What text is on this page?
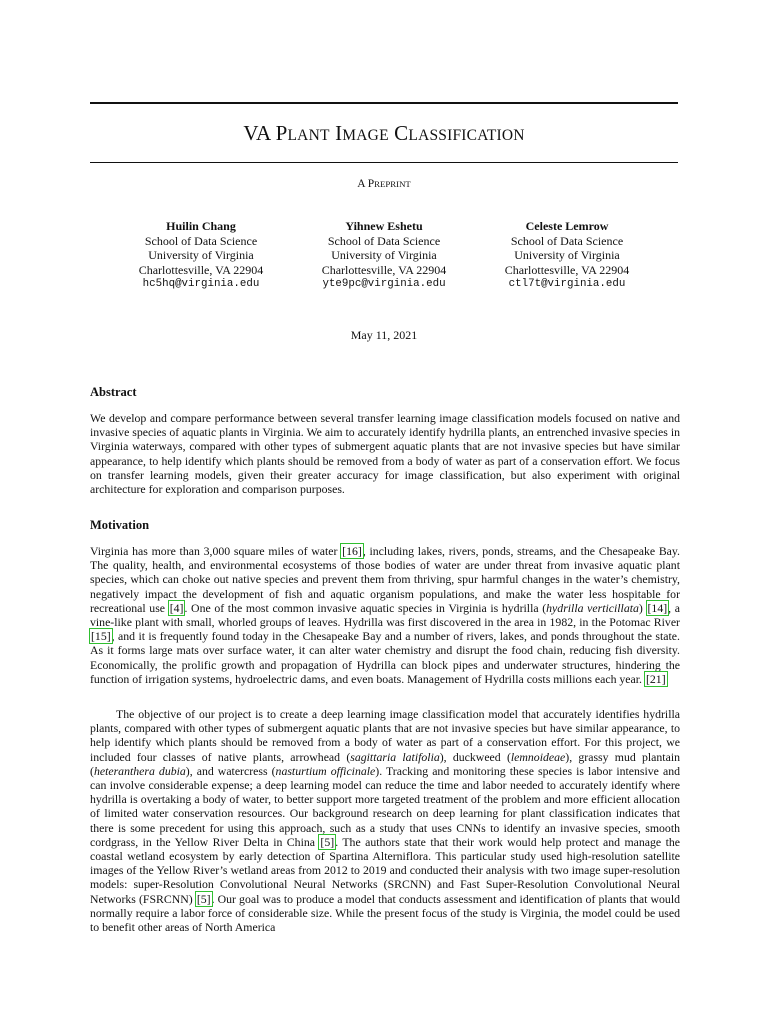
VA PLANT IMAGE CLASSIFICATION
A PREPRINT
Huilin Chang
School of Data Science
University of Virginia
Charlottesville, VA 22904
hc5hq@virginia.edu
Yihnew Eshetu
School of Data Science
University of Virginia
Charlottesville, VA 22904
yte9pc@virginia.edu
Celeste Lemrow
School of Data Science
University of Virginia
Charlottesville, VA 22904
ctl7t@virginia.edu
May 11, 2021
Abstract

We develop and compare performance between several transfer learning image classification models focused on native and invasive species of aquatic plants in Virginia. We aim to accurately identify hydrilla plants, an entrenched invasive species in Virginia waterways, compared with other types of submergent aquatic plants that are not invasive species but have similar appearance, to help identify which plants should be removed from a body of water as part of a conservation effort. We focus on transfer learning models, given their greater accuracy for image classification, but also experiment with original architecture for exploration and comparison purposes.

Motivation

Virginia has more than 3,000 square miles of water [16], including lakes, rivers, ponds, streams, and the Chesapeake Bay. The quality, health, and environmental ecosystems of those bodies of water are under threat from invasive aquatic plant species, which can choke out native species and prevent them from thriving, spur harmful changes in the water’s chemistry, negatively impact the development of fish and aquatic organism populations, and make the water less hospitable for recreational use [4]. One of the most common invasive aquatic species in Virginia is hydrilla (hydrilla verticillata) [14], a vine-like plant with small, whorled groups of leaves. Hydrilla was first discovered in the area in 1982, in the Potomac River [15], and it is frequently found today in the Chesapeake Bay and a number of rivers, lakes, and ponds throughout the state. As it forms large mats over surface water, it can alter water chemistry and disrupt the food chain, reducing fish diversity. Economically, the prolific growth and propagation of Hydrilla can block pipes and underwater structures, hindering the function of irrigation systems, hydroelectric dams, and even boats. Management of Hydrilla costs millions each year. [21]

The objective of our project is to create a deep learning image classification model that accurately identifies hydrilla plants, compared with other types of submergent aquatic plants that are not invasive species but have similar appearance, to help identify which plants should be removed from a body of water as part of a conservation effort. For this project, we included four classes of native plants, arrowhead (sagittaria latifolia), duckweed (lemnoideae), grassy mud plantain (heteranthera dubia), and watercress (nasturtium officinale). Tracking and monitoring these species is labor intensive and can involve considerable expense; a deep learning model can reduce the time and labor needed to accurately identify where hydrilla is overtaking a body of water, to better support more targeted treatment of the problem and more efficient allocation of limited water conservation resources. Our background research on deep learning for plant classification indicates that there is some precedent for using this approach, such as a study that uses CNNs to identify an invasive species, smooth cordgrass, in the Yellow River Delta in China [5]. The authors state that their work would help protect and manage the coastal wetland ecosystem by early detection of Spartina Alterniflora. This particular study used high-resolution satellite images of the Yellow River’s wetland areas from 2012 to 2019 and conducted their analysis with two image super-resolution models: super-Resolution Convolutional Neural Networks (SRCNN) and Fast Super-Resolution Convolutional Neural Networks (FSRCNN) [5]. Our goal was to produce a model that conducts assessment and identification of plants that would normally require a labor force of considerable size. While the present focus of the study is Virginia, the model could be used to benefit other areas of North America
